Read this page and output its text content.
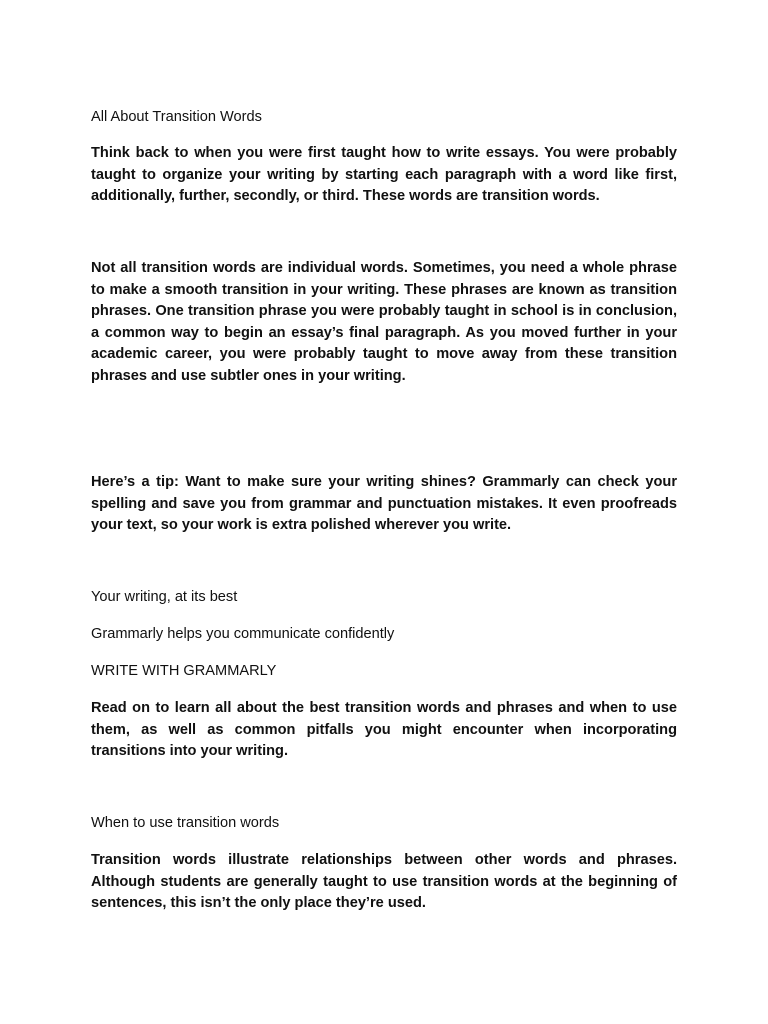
All About Transition Words

Think back to when you were first taught how to write essays. You were probably taught to organize your writing by starting each paragraph with a word like first, additionally, further, secondly, or third. These words are transition words.

Not all transition words are individual words. Sometimes, you need a whole phrase to make a smooth transition in your writing. These phrases are known as transition phrases. One transition phrase you were probably taught in school is in conclusion, a common way to begin an essay’s final paragraph. As you moved further in your academic career, you were probably taught to move away from these transition phrases and use subtler ones in your writing.

Here’s a tip: Want to make sure your writing shines? Grammarly can check your spelling and save you from grammar and punctuation mistakes. It even proofreads your text, so your work is extra polished wherever you write.

Your writing, at its best

Grammarly helps you communicate confidently

WRITE WITH GRAMMARLY

Read on to learn all about the best transition words and phrases and when to use them, as well as common pitfalls you might encounter when incorporating transitions into your writing.

When to use transition words

Transition words illustrate relationships between other words and phrases. Although students are generally taught to use transition words at the beginning of sentences, this isn’t the only place they’re used.
